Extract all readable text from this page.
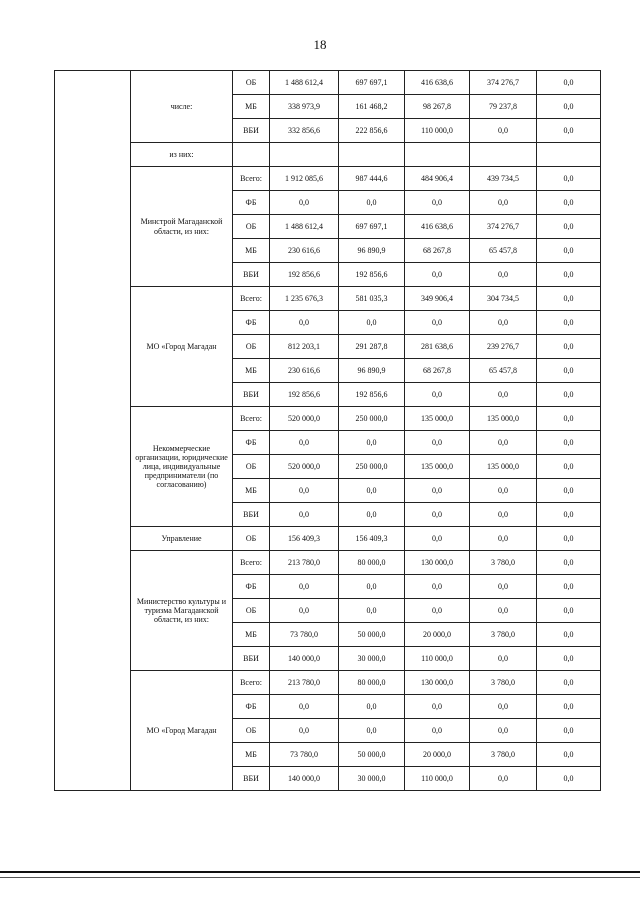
18
	числе:	ОБ	1 488 612,4	697 697,1	416 638,6	374 276,7	0,0
		МБ	338 973,9	161 468,2	98 267,8	79 237,8	0,0
		ВБИ	332 856,6	222 856,6	110 000,0	0,0	0,0
	из них:						
	Минстрой Магаданской области, из них:	Всего:	1 912 085,6	987 444,6	484 906,4	439 734,5	0,0
		ФБ	0,0	0,0	0,0	0,0	0,0
		ОБ	1 488 612,4	697 697,1	416 638,6	374 276,7	0,0
		МБ	230 616,6	96 890,9	68 267,8	65 457,8	0,0
		ВБИ	192 856,6	192 856,6	0,0	0,0	0,0
	МО «Город Магадан	Всего:	1 235 676,3	581 035,3	349 906,4	304 734,5	0,0
		ФБ	0,0	0,0	0,0	0,0	0,0
		ОБ	812 203,1	291 287,8	281 638,6	239 276,7	0,0
		МБ	230 616,6	96 890,9	68 267,8	65 457,8	0,0
		ВБИ	192 856,6	192 856,6	0,0	0,0	0,0
	Некоммерческие организации, юридические лица, индивидуальные предприниматели (по согласованию)	Всего:	520 000,0	250 000,0	135 000,0	135 000,0	0,0
		ФБ	0,0	0,0	0,0	0,0	0,0
		ОБ	520 000,0	250 000,0	135 000,0	135 000,0	0,0
		МБ	0,0	0,0	0,0	0,0	0,0
		ВБИ	0,0	0,0	0,0	0,0	0,0
	Управление	ОБ	156 409,3	156 409,3	0,0	0,0	0,0
	Министерство культуры и туризма Магаданской области, из них:	Всего:	213 780,0	80 000,0	130 000,0	3 780,0	0,0
		ФБ	0,0	0,0	0,0	0,0	0,0
		ОБ	0,0	0,0	0,0	0,0	0,0
		МБ	73 780,0	50 000,0	20 000,0	3 780,0	0,0
		ВБИ	140 000,0	30 000,0	110 000,0	0,0	0,0
	МО «Город Магадан	Всего:	213 780,0	80 000,0	130 000,0	3 780,0	0,0
		ФБ	0,0	0,0	0,0	0,0	0,0
		ОБ	0,0	0,0	0,0	0,0	0,0
		МБ	73 780,0	50 000,0	20 000,0	3 780,0	0,0
		ВБИ	140 000,0	30 000,0	110 000,0	0,0	0,0
